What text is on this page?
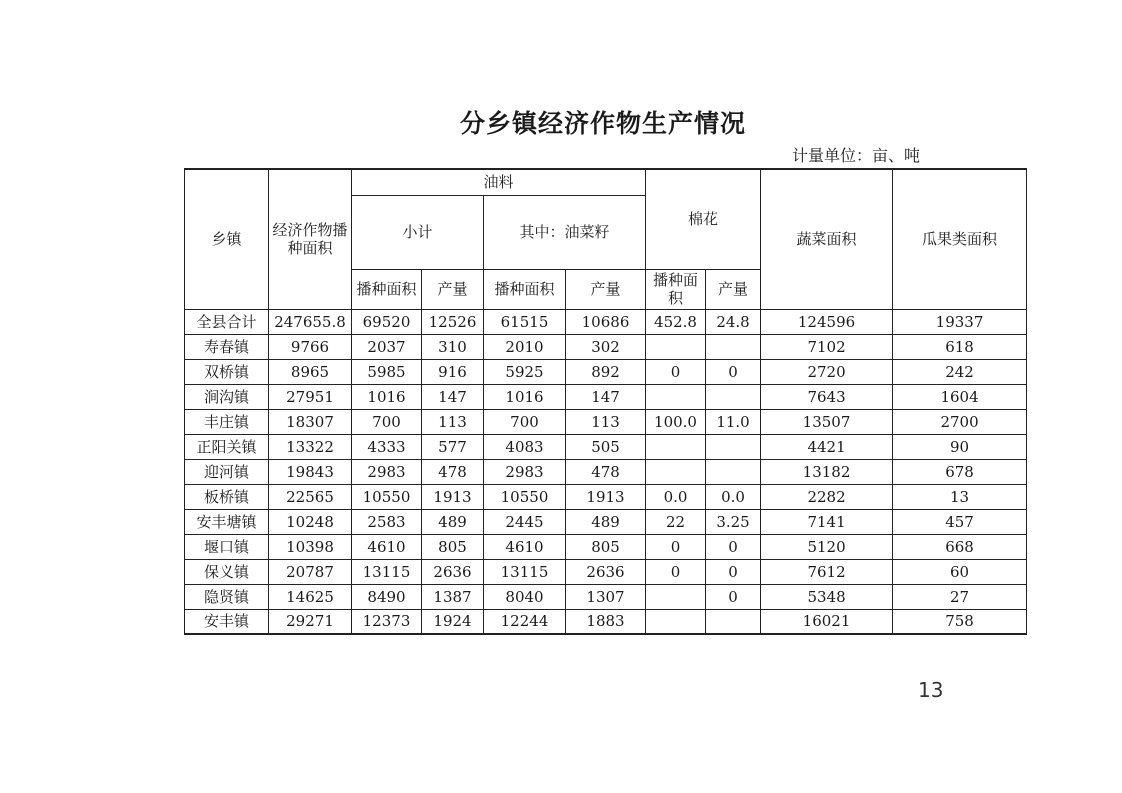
分乡镇经济作物生产情况
计量单位：亩、吨
乡镇	经济作物播种面积	油料				棉花		蔬菜面积	瓜果类面积
		小计		其中：油菜籽					
		播种面积	产量	播种面积	产量	播种面积	产量		
全县合计	247655.8	69520	12526	61515	10686	452.8	24.8	124596	19337
寿春镇	9766	2037	310	2010	302			7102	618
双桥镇	8965	5985	916	5925	892	0	0	2720	242
涧沟镇	27951	1016	147	1016	147			7643	1604
丰庄镇	18307	700	113	700	113	100.0	11.0	13507	2700
正阳关镇	13322	4333	577	4083	505			4421	90
迎河镇	19843	2983	478	2983	478			13182	678
板桥镇	22565	10550	1913	10550	1913	0.0	0.0	2282	13
安丰塘镇	10248	2583	489	2445	489	22	3.25	7141	457
堰口镇	10398	4610	805	4610	805	0	0	5120	668
保义镇	20787	13115	2636	13115	2636	0	0	7612	60
隐贤镇	14625	8490	1387	8040	1307		0	5348	27
安丰镇	29271	12373	1924	12244	1883			16021	758
13
